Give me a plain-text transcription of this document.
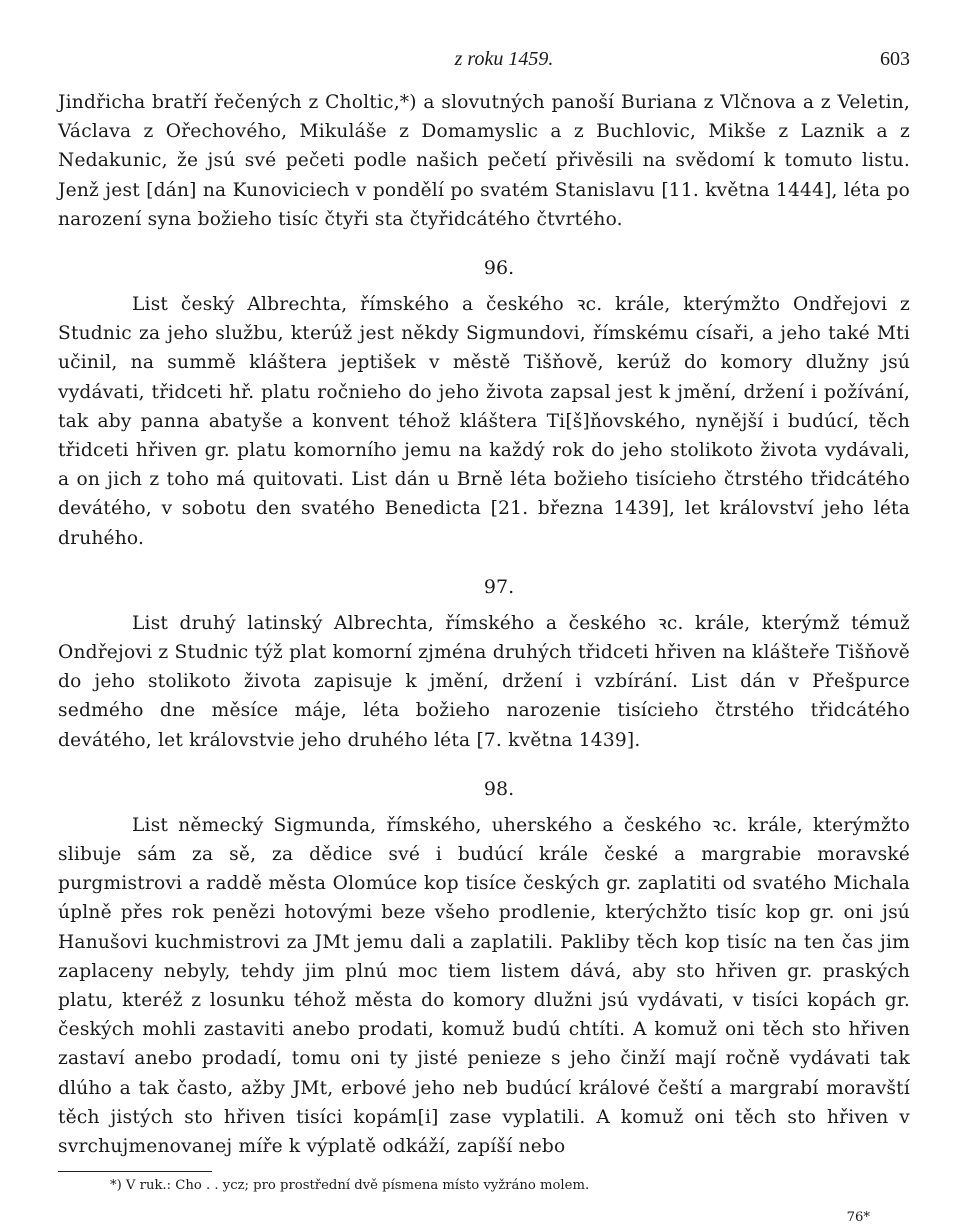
z roku 1459.	603

Jindřicha bratří řečených z Choltic,*) a slovutných panoší Buriana z Vlčnova a z Veletin, Václava z Ořechového, Mikuláše z Domamyslic a z Buchlovic, Mikše z Laznik a z Nedakunic, že jsú své pečeti podle našich pečetí přivěsili na svědomí k tomuto listu. Jenž jest [dán] na Kunoviciech v pondělí po svatém Stanislavu [11. května 1444], léta po narození syna božieho tisíc čtyři sta čtyřidcátého čtvrtého.

96.

List český Albrechta, římského a českého ꝛc. krále, kterýmžto Ondřejovi z Studnic za jeho službu, kterúž jest někdy Sigmundovi, římskému císaři, a jeho také Mti učinil, na summě kláštera jeptišek v městě Tišňově, kerúž do komory dlužny jsú vydávati, třidceti hř. platu ročnieho do jeho života zapsal jest k jmění, držení i požívání, tak aby panna abatyše a konvent téhož kláštera Ti[š]ňovského, nynější i budúcí, těch třidceti hřiven gr. platu komorního jemu na každý rok do jeho stolikoto života vydávali, a on jich z toho má quitovati. List dán u Brně léta božieho tisícieho čtrstého třidcátého devátého, v sobotu den svatého Benedicta [21. března 1439], let království jeho léta druhého.

97.

List druhý latinský Albrechta, římského a českého ꝛc. krále, kterýmž témuž Ondřejovi z Studnic týž plat komorní zjména druhých třidceti hřiven na klášteře Tišňově do jeho stolikoto života zapisuje k jmění, držení i vzbírání. List dán v Přešpurce sedmého dne měsíce máje, léta božieho narozenie tisícieho čtrstého třidcátého devátého, let královstvie jeho druhého léta [7. května 1439].

98.

List německý Sigmunda, římského, uherského a českého ꝛc. krále, kterýmžto slibuje sám za sě, za dědice své i budúcí krále české a margrabie moravské purgmistrovi a raddě města Olomúce kop tisíce českých gr. zaplatiti od svatého Michala úplně přes rok penězi hotovými beze všeho prodlenie, kterýchžto tisíc kop gr. oni jsú Hanušovi kuchmistrovi za JMt jemu dali a zaplatili. Pakliby těch kop tisíc na ten čas jim zaplaceny nebyly, tehdy jim plnú moc tiem listem dává, aby sto hřiven gr. praských platu, kteréž z losunku téhož města do komory dlužni jsú vydávati, v tisíci kopách gr. českých mohli zastaviti anebo prodati, komuž budú chtíti. A komuž oni těch sto hřiven zastaví anebo prodadí, tomu oni ty jisté penieze s jeho činží mají ročně vydávati tak dlúho a tak často, ažby JMt, erbové jeho neb budúcí králové čeští a margrabí moravští těch jistých sto hřiven tisíci kopám[i] zase vyplatili. A komuž oni těch sto hřiven v svrchujmenovanej míře k výplatě odkáží, zapíší nebo

*) V ruk.: Cho . . ycz; pro prostřední dvě písmena místo vyžráno molem.
76*
